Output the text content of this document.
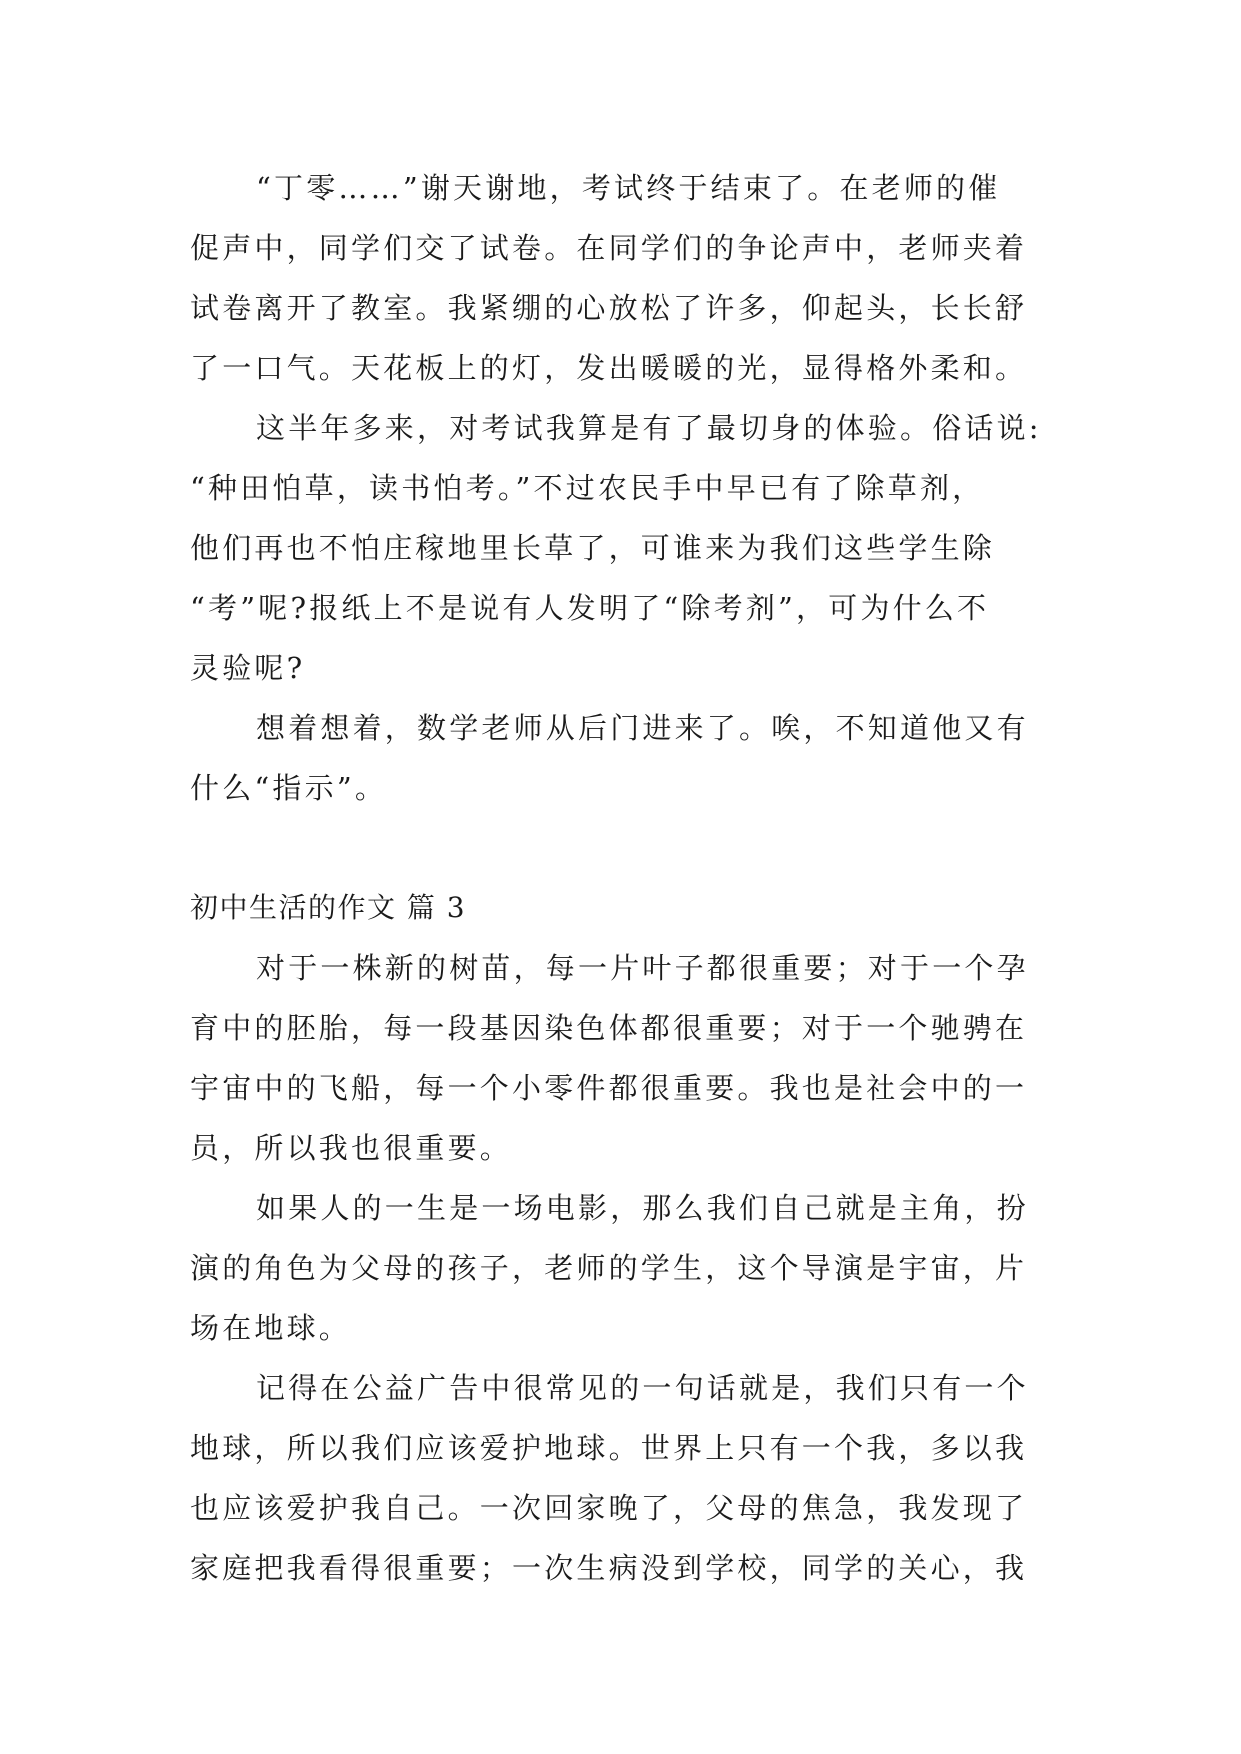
“丁零……”谢天谢地，考试终于结束了。在老师的催
促声中，同学们交了试卷。在同学们的争论声中，老师夹着
试卷离开了教室。我紧绷的心放松了许多，仰起头，长长舒
了一口气。天花板上的灯，发出暖暖的光，显得格外柔和。
这半年多来，对考试我算是有了最切身的体验。俗话说:
“种田怕草，读书怕考。”不过农民手中早已有了除草剂，
他们再也不怕庄稼地里长草了，可谁来为我们这些学生除
“考”呢?报纸上不是说有人发明了“除考剂”，可为什么不
灵验呢?
想着想着，数学老师从后门进来了。唉，不知道他又有
什么“指示”。
初中生活的作文 篇 3
对于一株新的树苗，每一片叶子都很重要；对于一个孕
育中的胚胎，每一段基因染色体都很重要；对于一个驰骋在
宇宙中的飞船，每一个小零件都很重要。我也是社会中的一
员，所以我也很重要。
如果人的一生是一场电影，那么我们自己就是主角，扮
演的角色为父母的孩子，老师的学生，这个导演是宇宙，片
场在地球。
记得在公益广告中很常见的一句话就是，我们只有一个
地球，所以我们应该爱护地球。世界上只有一个我，多以我
也应该爱护我自己。一次回家晚了，父母的焦急，我发现了
家庭把我看得很重要；一次生病没到学校，同学的关心，我
